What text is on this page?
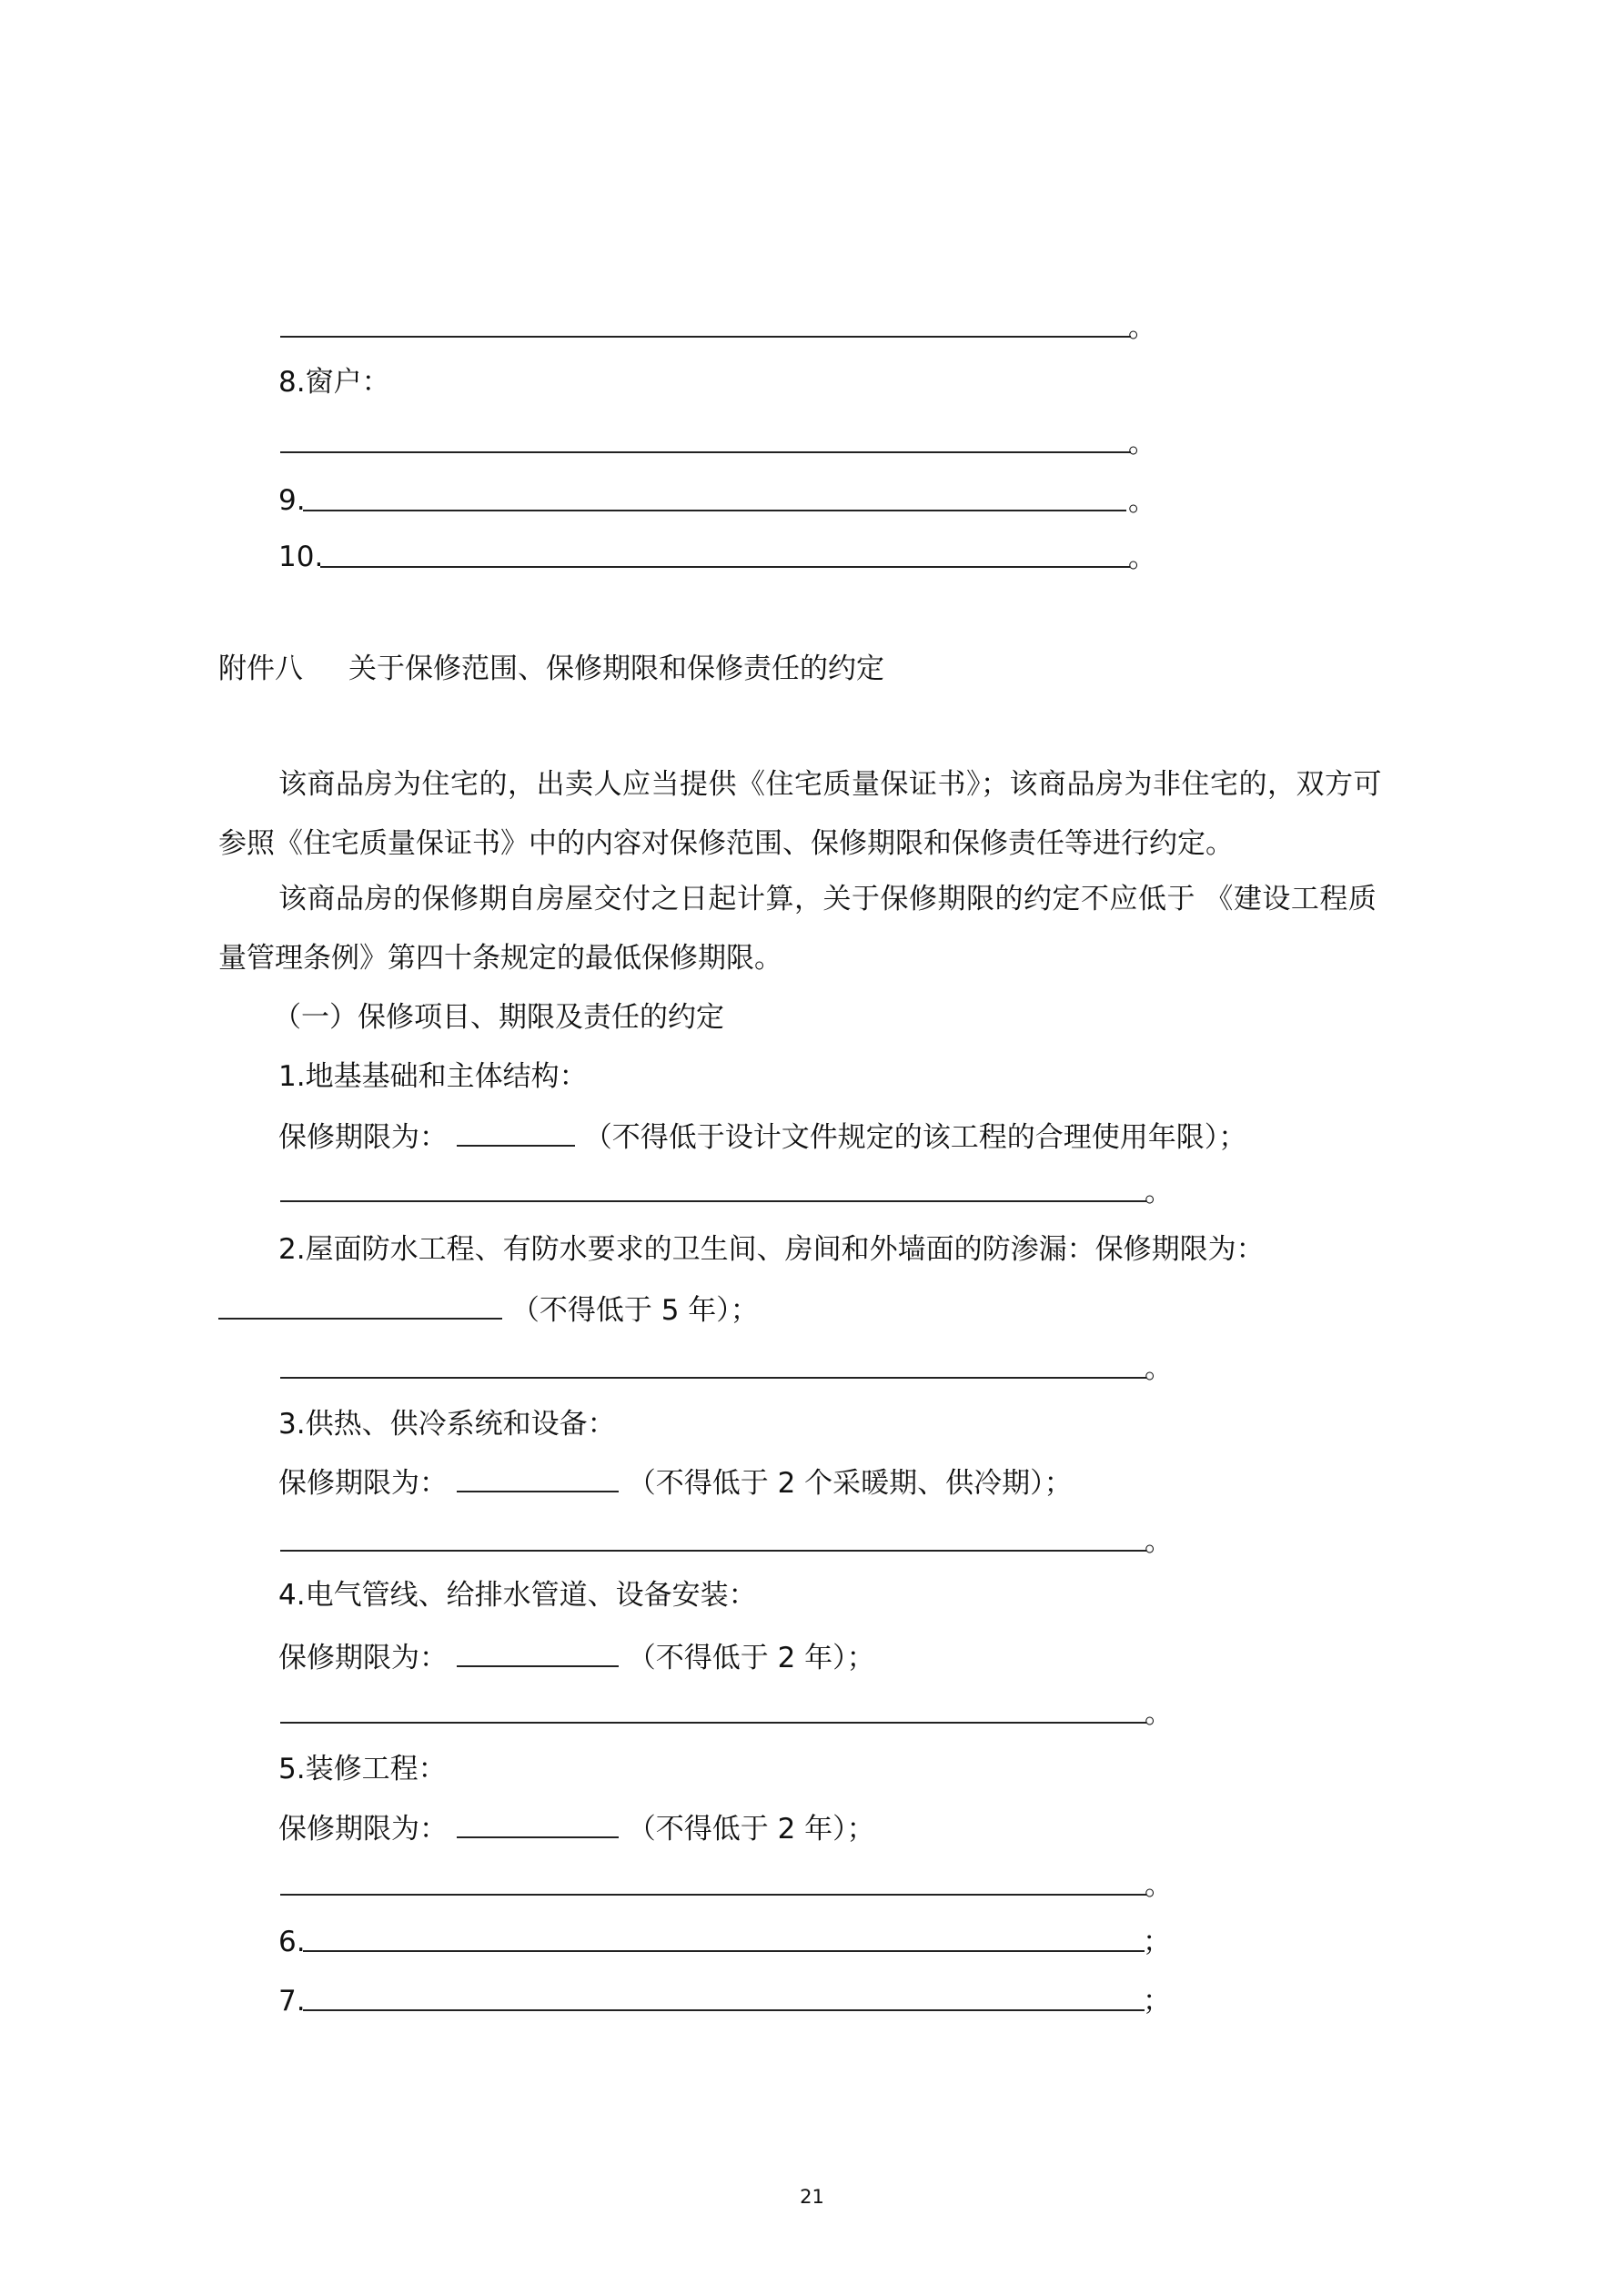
。
8.窗户：
。
9.	。
10.	。
附件八 关于保修范围、保修期限和保修责任的约定
该商品房为住宅的，出卖人应当提供《住宅质量保证书》；该商品房为非住宅的，双方可
参照《住宅质量保证书》中的内容对保修范围、保修期限和保修责任等进行约定。
该商品房的保修期自房屋交付之日起计算，关于保修期限的约定不应低于 《建设工程质
量管理条例》第四十条规定的最低保修期限。
（一）保修项目、期限及责任的约定
1.地基基础和主体结构：
保修期限为：	（不得低于设计文件规定的该工程的合理使用年限）；
。
2.屋面防水工程、有防水要求的卫生间、房间和外墙面的防渗漏：保修期限为：
（不得低于 5 年）；
。
3.供热、供冷系统和设备：
保修期限为：	（不得低于 2 个采暖期、供冷期）；
。
4.电气管线、给排水管道、设备安装：
保修期限为：	（不得低于 2 年）；
。
5.装修工程：
保修期限为：	（不得低于 2 年）；
。
6.	；
7.	；
21
